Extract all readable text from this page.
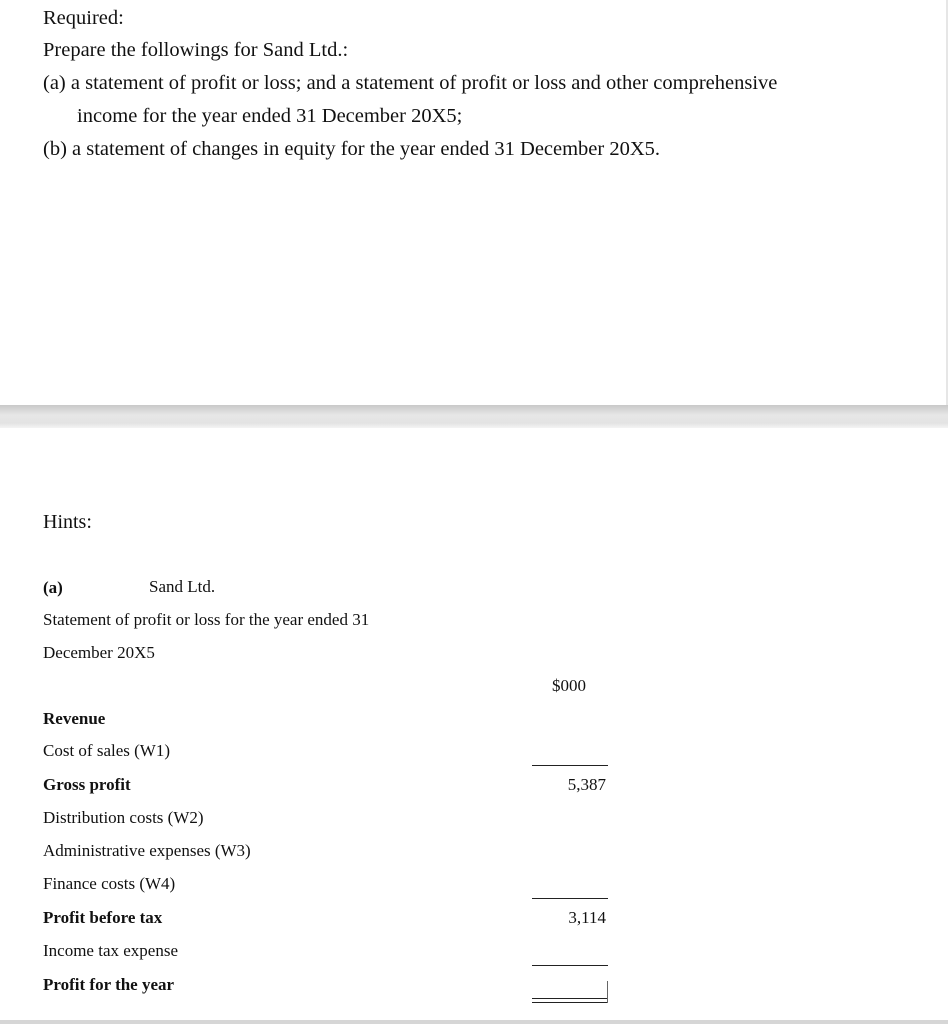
Required:
Prepare the followings for Sand Ltd.:
(a) a statement of profit or loss; and a statement of profit or loss and other comprehensive
income for the year ended 31 December 20X5;
(b) a statement of changes in equity for the year ended 31 December 20X5.
Hints:
(a)	Sand Ltd.
Statement of profit or loss for the year ended 31
December 20X5
$000
Revenue
Cost of sales (W1)
Gross profit	5,387
Distribution costs (W2)
Administrative expenses (W3)
Finance costs (W4)
Profit before tax	3,114
Income tax expense
Profit for the year
